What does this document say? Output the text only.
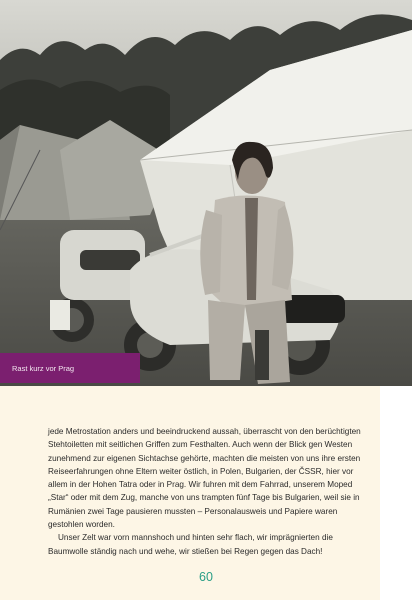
Rast kurz vor Prag

jede Metrostation anders und beeindruckend aussah, überrascht von den berüchtigten Stehtoiletten mit seitlichen Griffen zum Festhalten. Auch wenn der Blick gen Westen zunehmend zur eigenen Sichtachse gehörte, machten die meisten von uns ihre ersten Reiseerfahrungen ohne Eltern weiter östlich, in Polen, Bulgarien, der ČSSR, hier vor allem in der Hohen Tatra oder in Prag. Wir fuhren mit dem Fahrrad, unserem Moped „Star“ oder mit dem Zug, manche von uns trampten fünf Tage bis Bulgarien, weil sie in Rumänien zwei Tage pausieren mussten – Personalausweis und Papiere waren gestohlen worden.

Unser Zelt war vorn mannshoch und hinten sehr flach, wir imprägnierten die Baumwolle ständig nach und wehe, wir stießen bei Regen gegen das Dach!

60
